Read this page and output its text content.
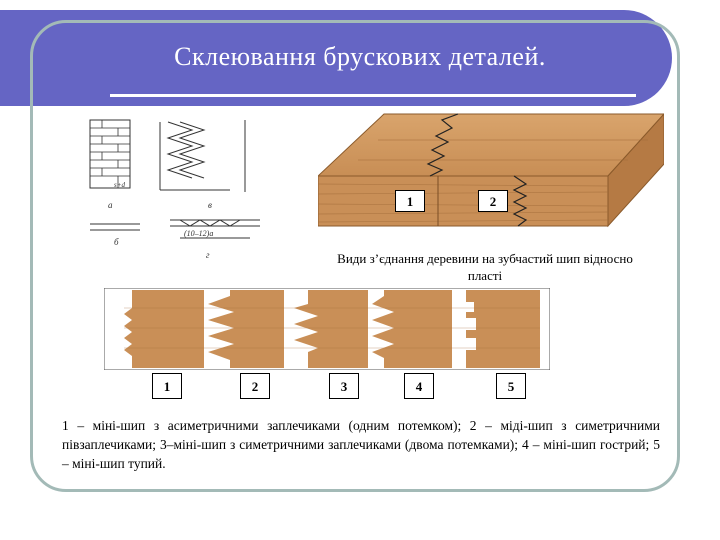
Склеювання брускових деталей.
а	в
б
г
s+d
(10–12)а
1	2
Види з’єднання деревини на зубчастий шип відносно пласті
1	2	3	4	5
1 – міні-шип з асиметричними заплечиками (одним потемком); 2 – міді-шип з симетричними півзаплечиками; 3–міні-шип з симетричними заплечиками (двома потемками); 4 – міні-шип гострий; 5 – міні-шип тупий.
